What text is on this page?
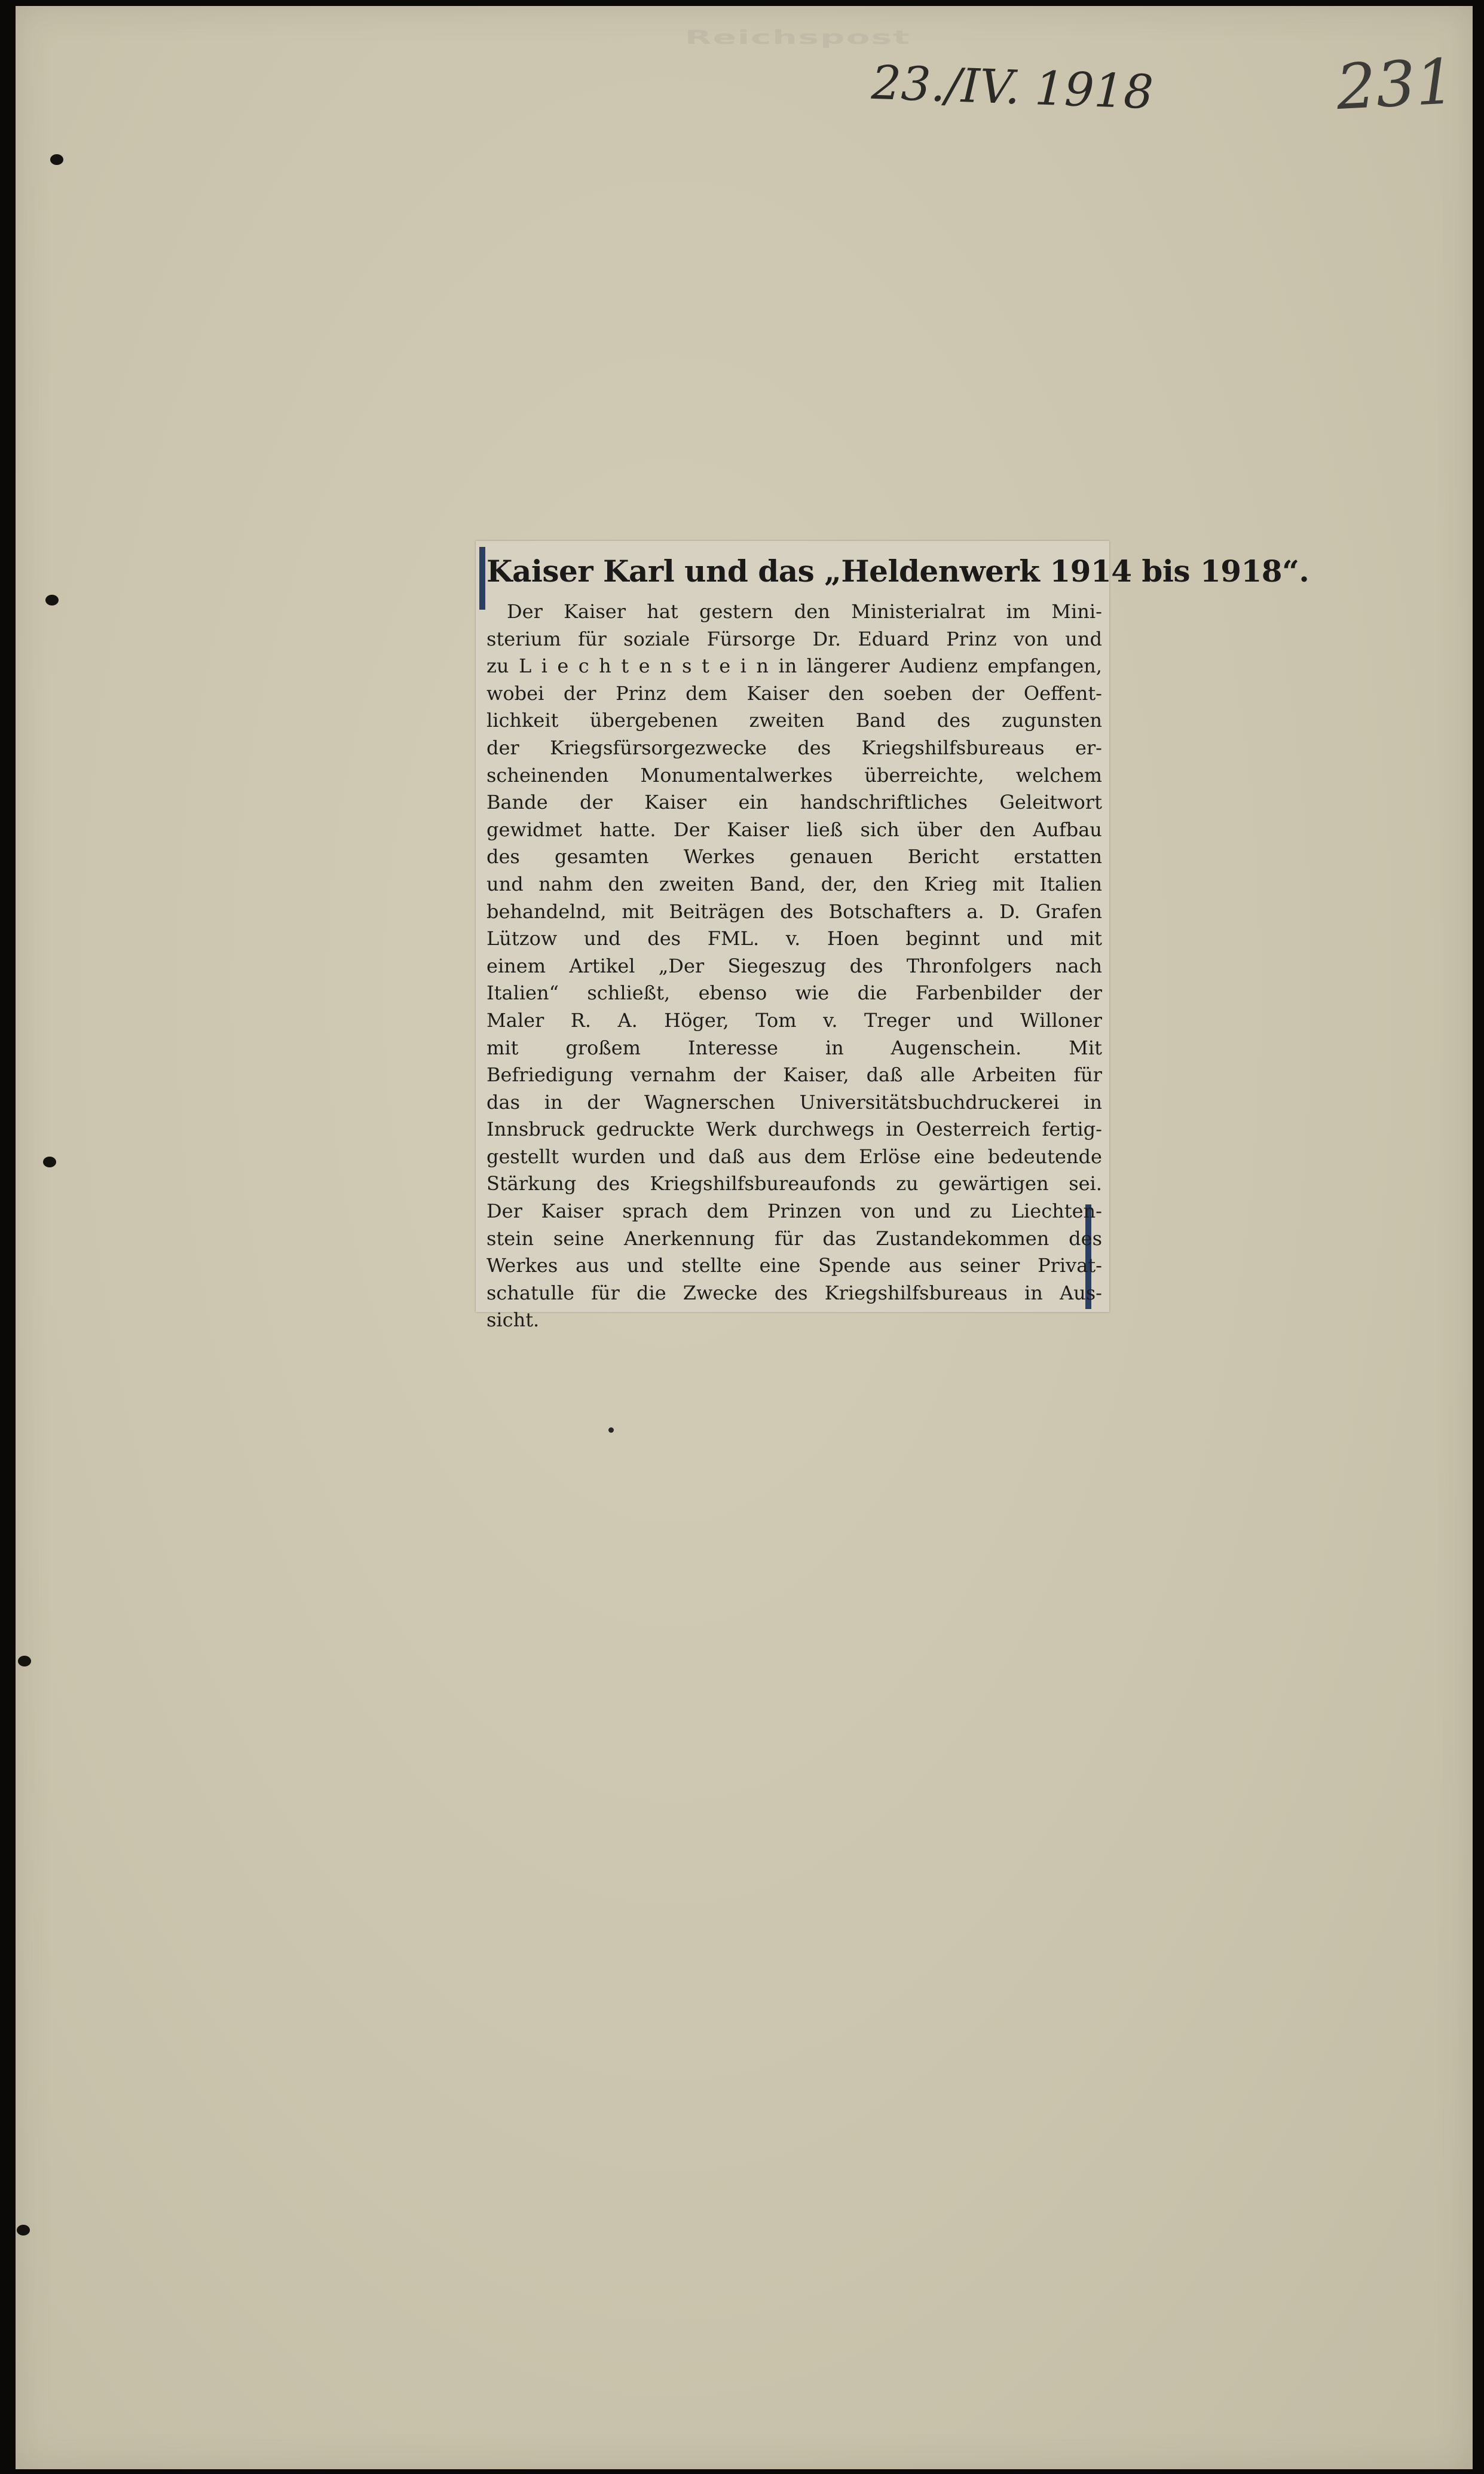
Reichspost
23./IV. 1918	231
Kaiser Karl und das „Heldenwerk 1914 bis 1918“.
Der Kaiser hat gestern den Ministerialrat im Mini-
sterium für soziale Fürsorge Dr. Eduard Prinz von und
zu L i e c h t e n s t e i n in längerer Audienz empfangen,
wobei der Prinz dem Kaiser den soeben der Oeffent-
lichkeit übergebenen zweiten Band des zugunsten
der Kriegsfürsorgezwecke des Kriegshilfsbureaus er-
scheinenden Monumentalwerkes überreichte, welchem
Bande der Kaiser ein handschriftliches Geleitwort
gewidmet hatte. Der Kaiser ließ sich über den Aufbau
des gesamten Werkes genauen Bericht erstatten
und nahm den zweiten Band, der, den Krieg mit Italien
behandelnd, mit Beiträgen des Botschafters a. D. Grafen
Lützow und des FML. v. Hoen beginnt und mit
einem Artikel „Der Siegeszug des Thronfolgers nach
Italien“ schließt, ebenso wie die Farbenbilder der
Maler R. A. Höger, Tom v. Treger und Willoner
mit großem Interesse in Augenschein. Mit
Befriedigung vernahm der Kaiser, daß alle Arbeiten für
das in der Wagnerschen Universitätsbuchdruckerei in
Innsbruck gedruckte Werk durchwegs in Oesterreich fertig-
gestellt wurden und daß aus dem Erlöse eine bedeutende
Stärkung des Kriegshilfsbureaufonds zu gewärtigen sei.
Der Kaiser sprach dem Prinzen von und zu Liechten-
stein seine Anerkennung für das Zustandekommen des
Werkes aus und stellte eine Spende aus seiner Privat-
schatulle für die Zwecke des Kriegshilfsbureaus in Aus-
sicht.
